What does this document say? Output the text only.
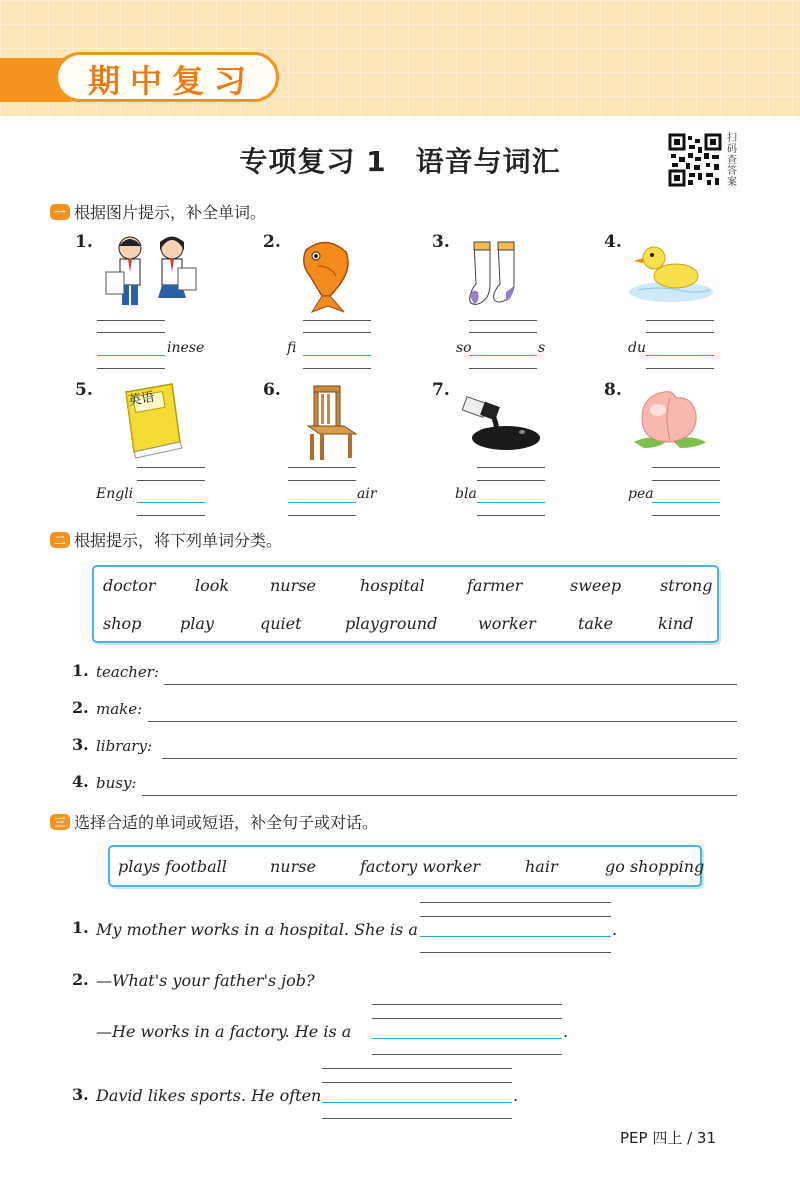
期中复习
专项复习 1　语音与词汇
扫码查答案
一 根据图片提示，补全单词。
1.
inese
2.
fi
3.
so	s
4.
du
5.	英语
Engli
6.
air
7.
bla
8.
pea
二 根据提示，将下列单词分类。
doctor look	nurse	hospital	farmer	sweep strong
shop play	quiet	playground	worker	take	kind
1. teacher:
2. make:
3. library:
4. busy:
三 选择合适的单词或短语，补全句子或对话。
plays football	nurse	factory worker	hair	go shopping
1. My mother works in a hospital. She is a	.
2. —What's your father's job?
—He works in a factory. He is a	.
3. David likes sports. He often	.
PEP 四上 / 31
